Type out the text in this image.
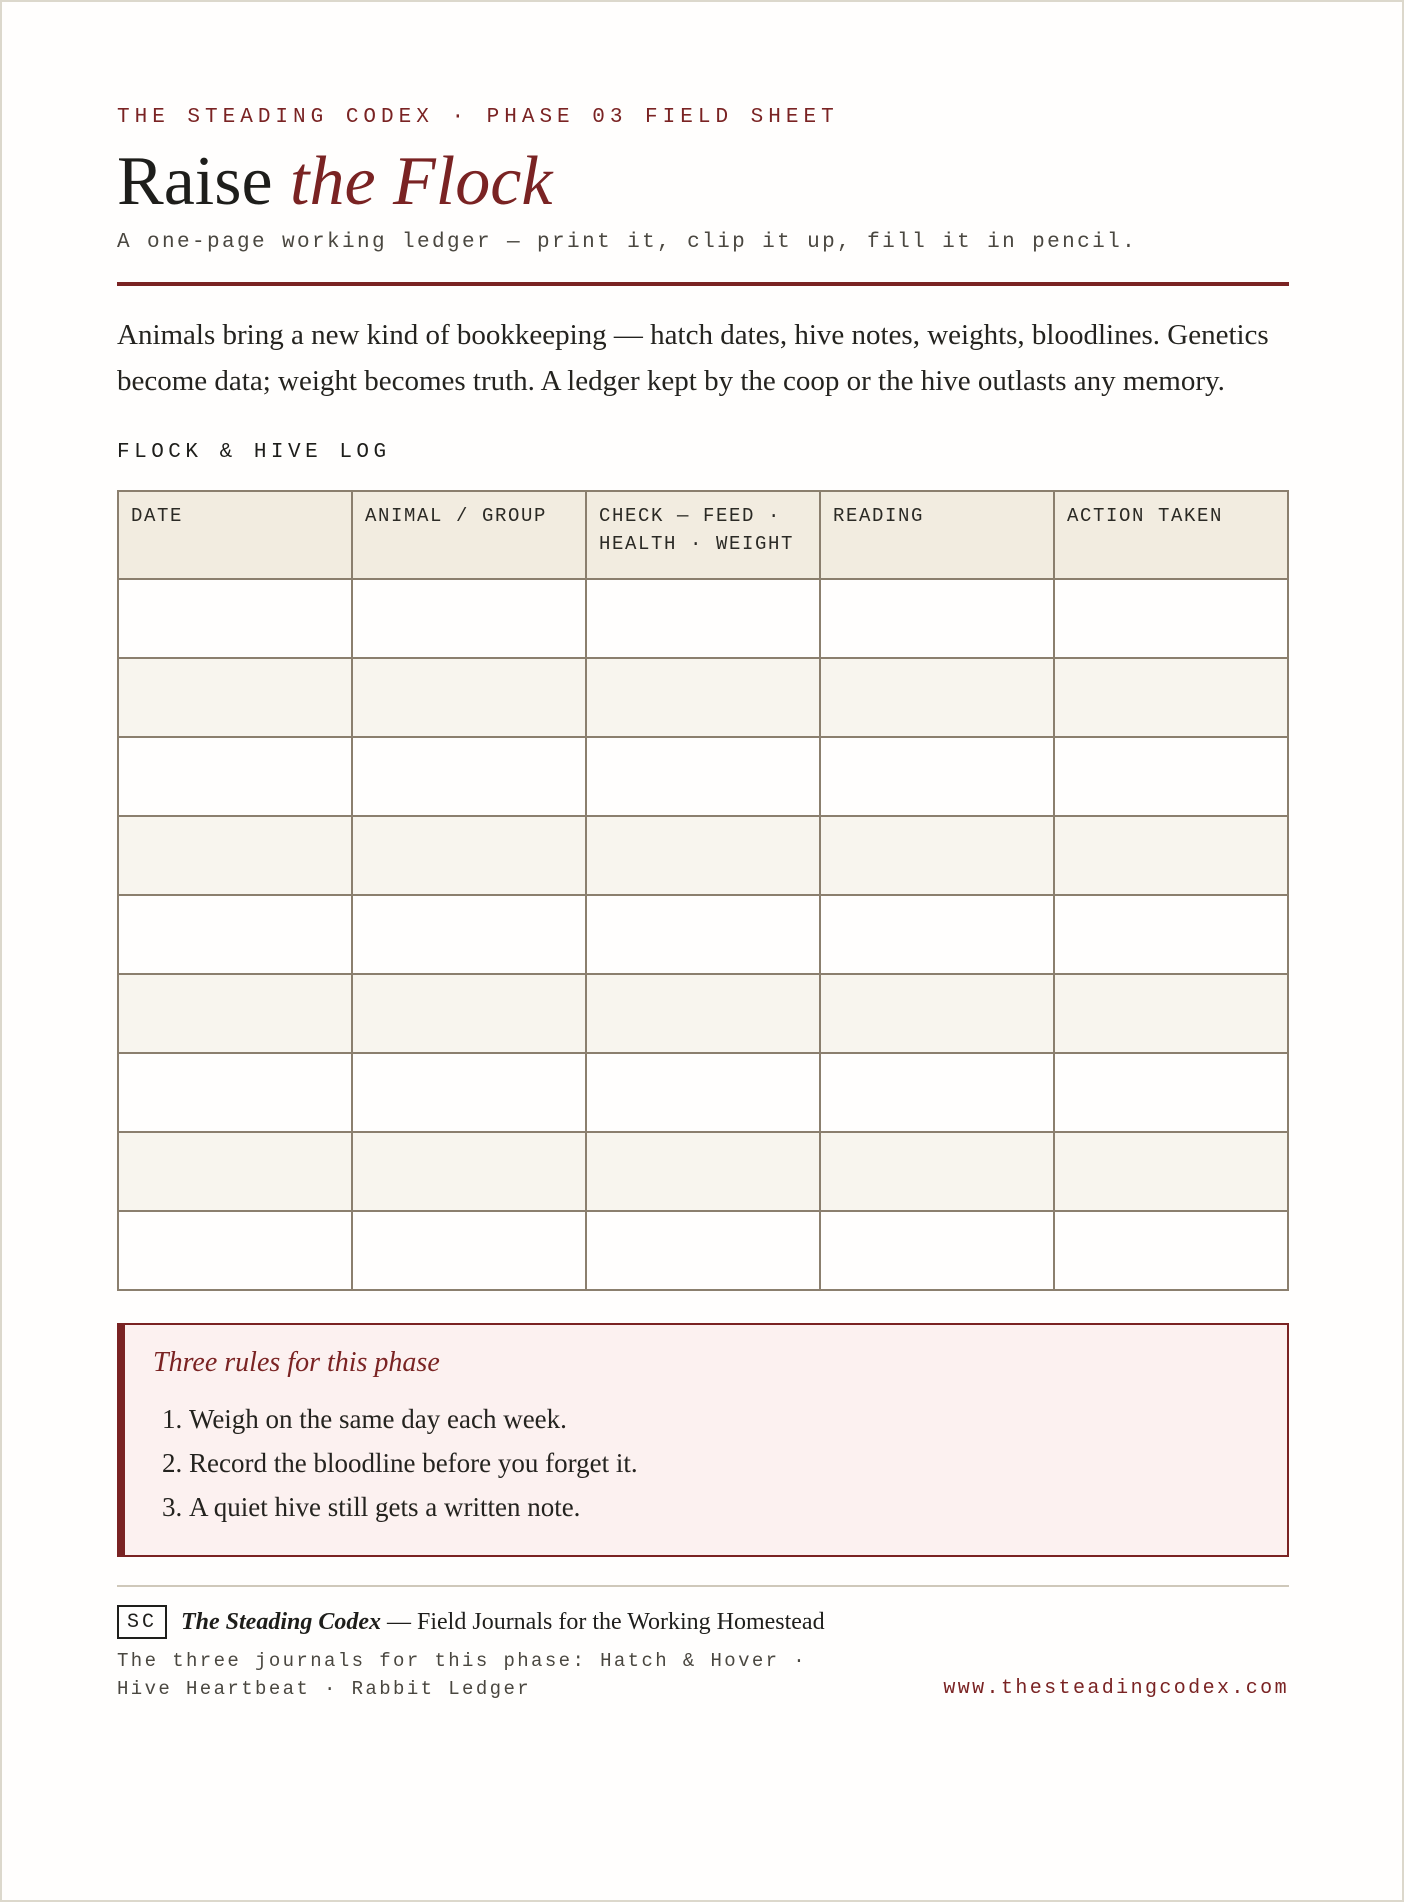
THE STEADING CODEX · PHASE 03 FIELD SHEET
Raise the Flock
A one-page working ledger — print it, clip it up, fill it in pencil.
Animals bring a new kind of bookkeeping — hatch dates, hive notes, weights, bloodlines. Genetics become data; weight becomes truth. A ledger kept by the coop or the hive outlasts any memory.
FLOCK & HIVE LOG
DATE	ANIMAL / GROUP	CHECK — FEED · HEALTH · WEIGHT	READING	ACTION TAKEN

Three rules for this phase
1. Weigh on the same day each week.
2. Record the bloodline before you forget it.
3. A quiet hive still gets a written note.
SC	The Steading Codex — Field Journals for the Working Homestead
The three journals for this phase: Hatch & Hover · Hive Heartbeat · Rabbit Ledger	www.thesteadingcodex.com
